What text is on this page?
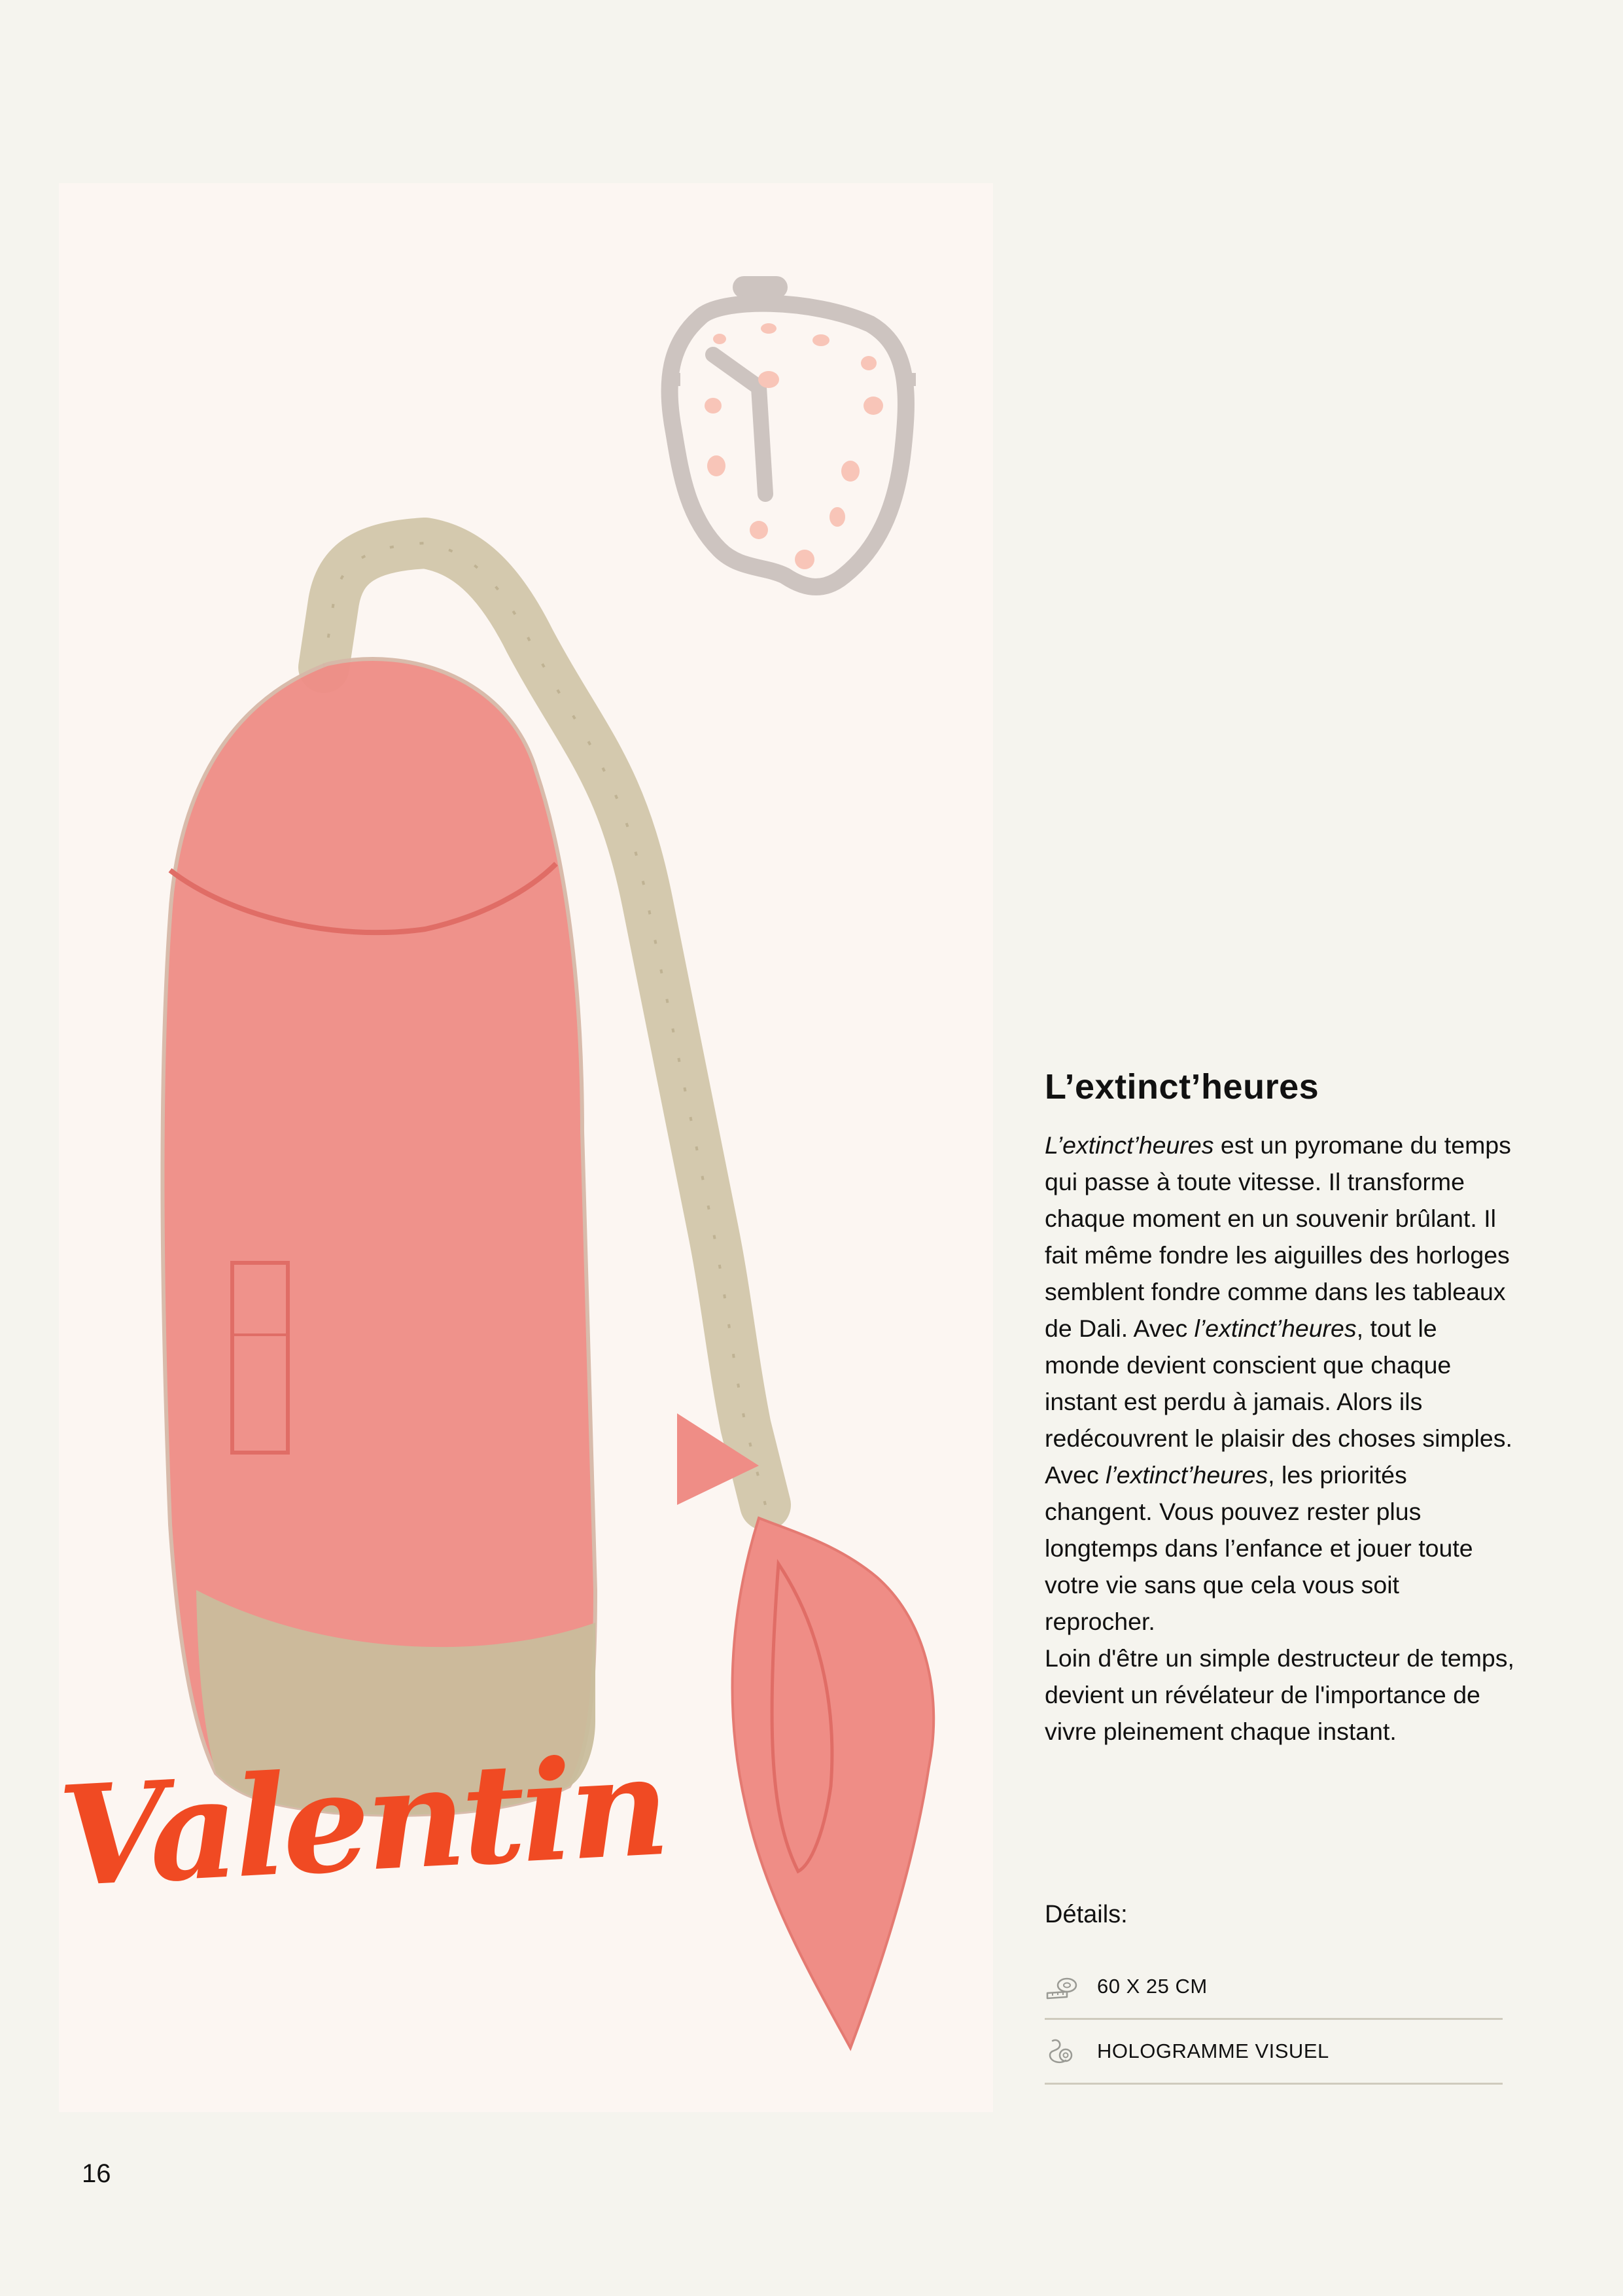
Valentin
L’extinct’heures

L’extinct’heures est un pyromane du temps qui passe à toute vitesse. Il transforme chaque moment en un souvenir brûlant. Il fait même fondre les aiguilles des horloges semblent fondre comme dans les tableaux de Dali. Avec l’extinct’heures, tout le monde devient conscient que chaque instant est perdu à jamais. Alors ils redécouvrent le plaisir des choses simples. Avec l’extinct’heures, les priorités changent. Vous pouvez rester plus longtemps dans l’enfance et jouer toute votre vie sans que cela vous soit reprocher.

Loin d'être un simple destructeur de temps, devient un révélateur de l'importance de vivre pleinement chaque instant.

Détails:

60 X 25 CM
HOLOGRAMME VISUEL
16
